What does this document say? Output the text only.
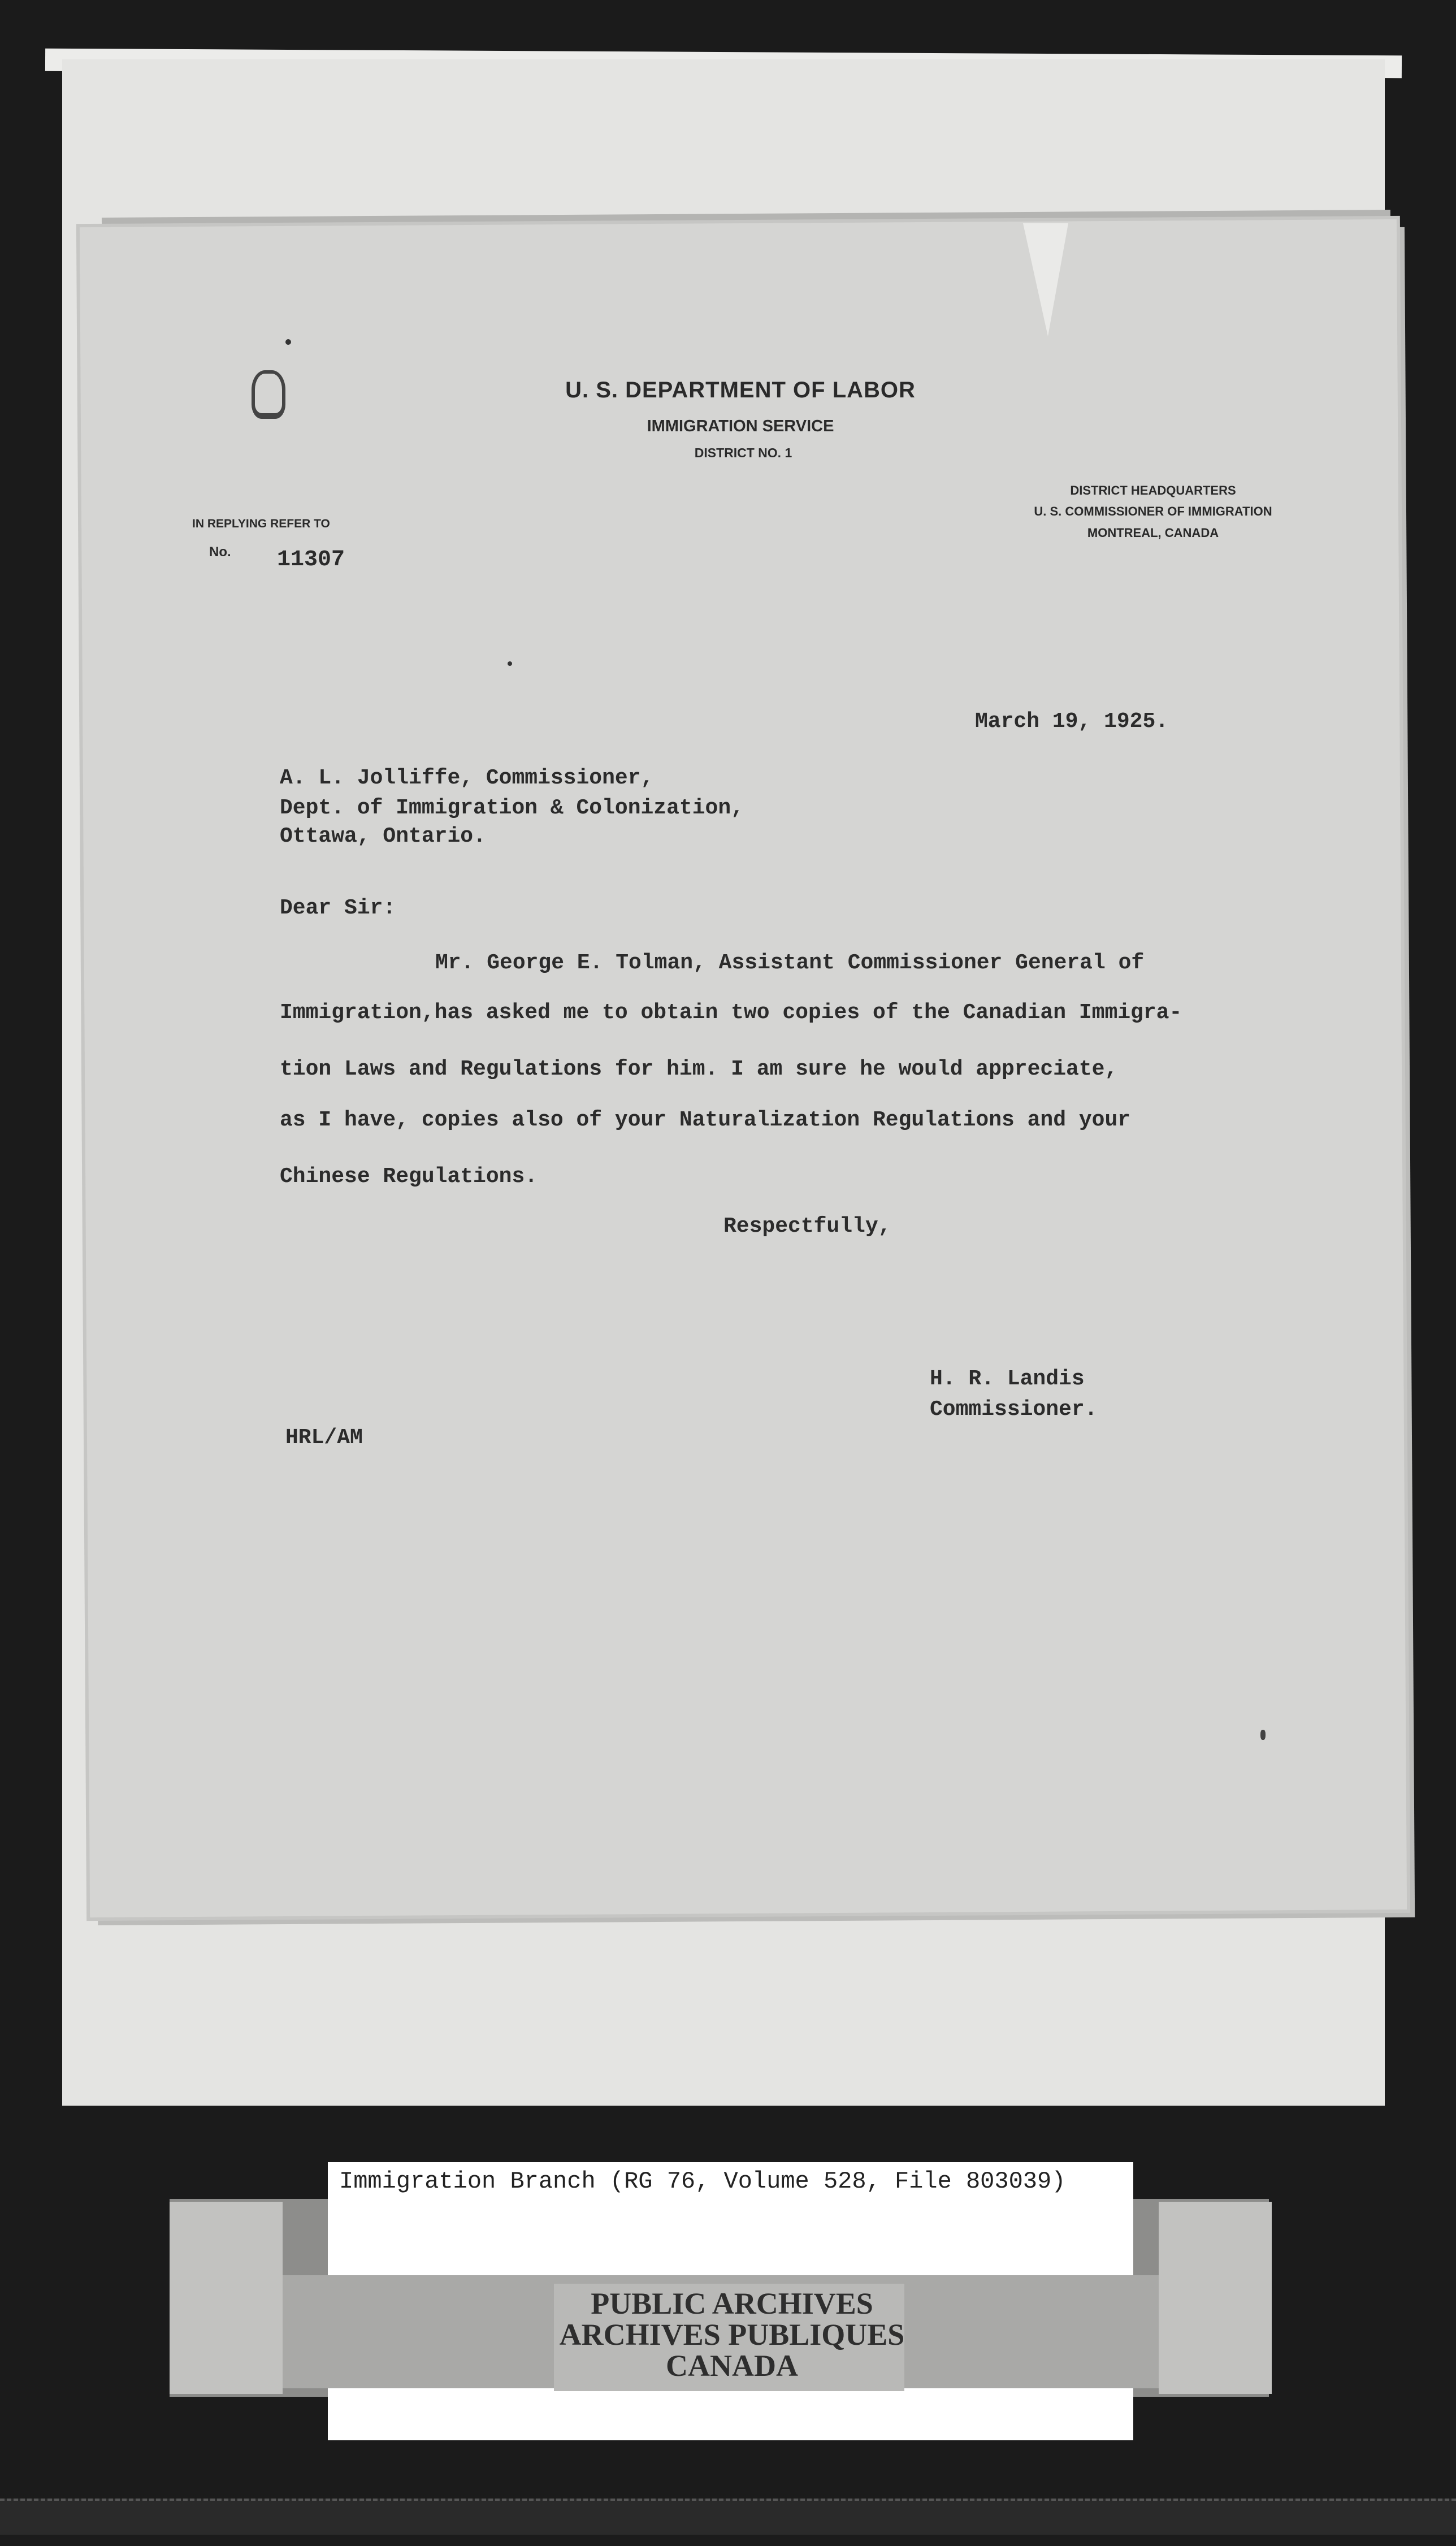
U. S. DEPARTMENT OF LABOR
IMMIGRATION SERVICE
DISTRICT NO. 1
DISTRICT HEADQUARTERS
U. S. COMMISSIONER OF IMMIGRATION
MONTREAL, CANADA
IN REPLYING REFER TO
No. 11307
March 19, 1925.
A. L. Jolliffe, Commissioner,
Dept. of Immigration & Colonization,
Ottawa, Ontario.
Dear Sir:
Mr. George E. Tolman, Assistant Commissioner General of
Immigration,has asked me to obtain two copies of the Canadian Immigra-
tion Laws and Regulations for him. I am sure he would appreciate,
as I have, copies also of your Naturalization Regulations and your
Chinese Regulations.
Respectfully,
H. R. Landis
Commissioner.
HRL/AM
Immigration Branch (RG 76, Volume 528, File 803039)
PUBLIC ARCHIVES
ARCHIVES PUBLIQUES
CANADA
